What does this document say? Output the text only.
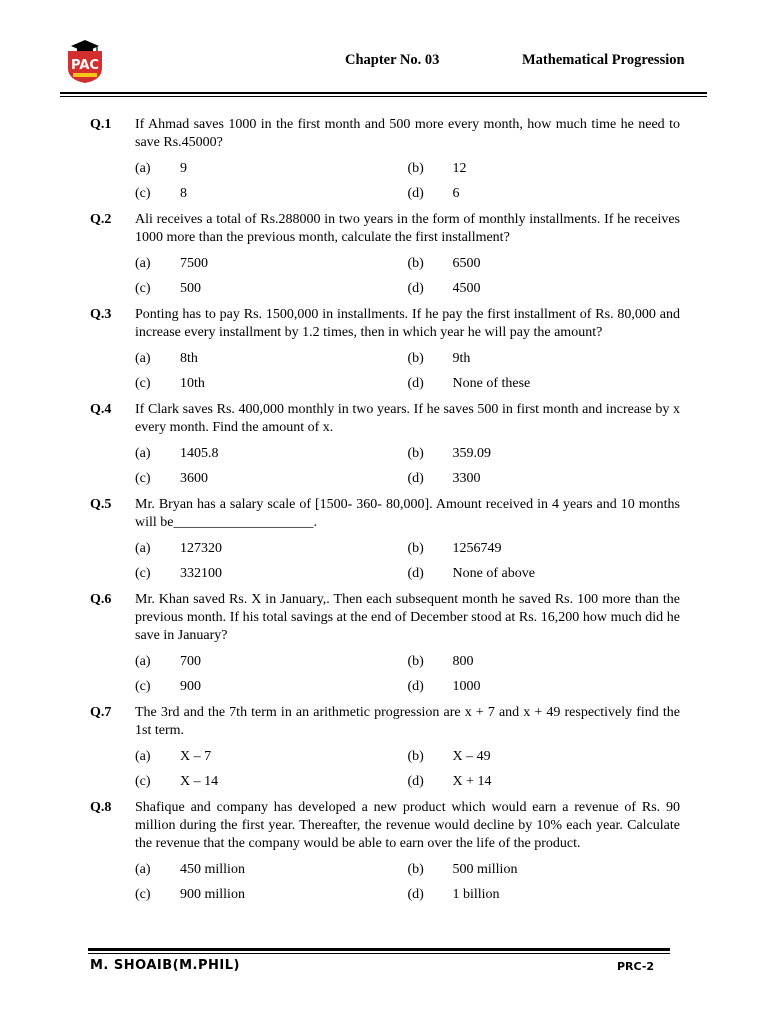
PAC	Chapter No. 03	Mathematical Progression
Q.1	If Ahmad saves 1000 in the first month and 500 more every month, how much time he need to save Rs.45000?
(a)	9	(b)	12
(c)	8	(d)	6
Q.2	Ali receives a total of Rs.288000 in two years in the form of monthly installments. If he receives 1000 more than the previous month, calculate the first installment?
(a)	7500	(b)	6500
(c)	500	(d)	4500
Q.3	Ponting has to pay Rs. 1500,000 in installments. If he pay the first installment of Rs. 80,000 and increase every installment by 1.2 times, then in which year he will pay the amount?
(a)	8th	(b)	9th
(c)	10th	(d)	None of these
Q.4	If Clark saves Rs. 400,000 monthly in two years. If he saves 500 in first month and increase by x every month. Find the amount of x.
(a)	1405.8	(b)	359.09
(c)	3600	(d)	3300
Q.5	Mr. Bryan has a salary scale of [1500- 360- 80,000]. Amount received in 4 years and 10 months will be____________________.
(a)	127320	(b)	1256749
(c)	332100	(d)	None of above
Q.6	Mr. Khan saved Rs. X in January,. Then each subsequent month he saved Rs. 100 more than the previous month. If his total savings at the end of December stood at Rs. 16,200 how much did he save in January?
(a)	700	(b)	800
(c)	900	(d)	1000
Q.7	The 3rd and the 7th term in an arithmetic progression are x + 7 and x + 49 respectively find the 1st term.
(a)	X – 7	(b)	X – 49
(c)	X – 14	(d)	X + 14
Q.8	Shafique and company has developed a new product which would earn a revenue of Rs. 90 million during the first year. Thereafter, the revenue would decline by 10% each year. Calculate the revenue that the company would be able to earn over the life of the product.
(a)	450 million	(b)	500 million
(c)	900 million	(d)	1 billion
M. SHOAIB(M.PHIL)	PRC-2
